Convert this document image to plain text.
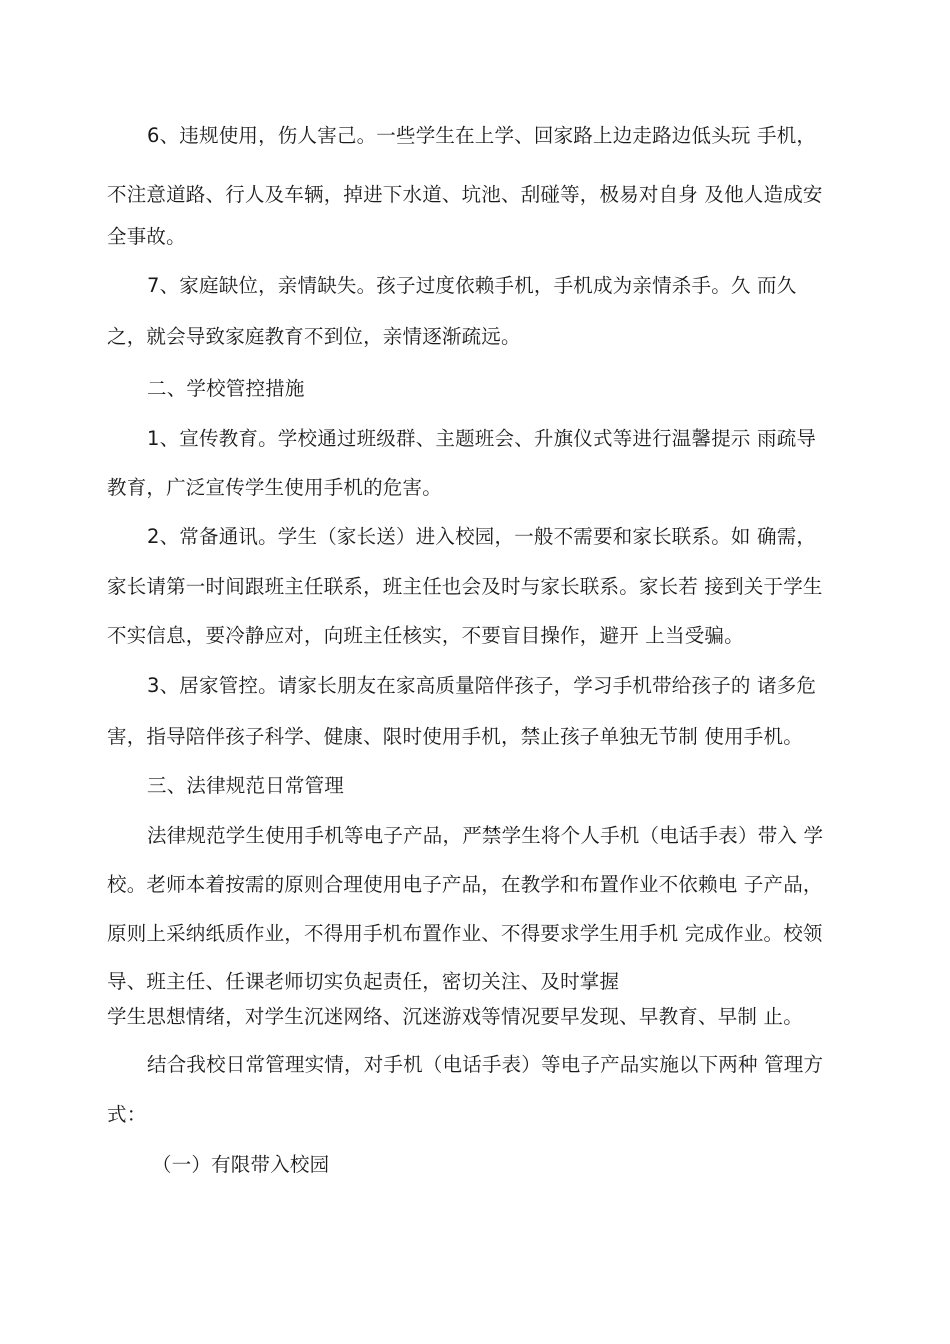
6、违规使用，伤人害己。一些学生在上学、回家路上边走路边低头玩 手机，
不注意道路、行人及车辆，掉进下水道、坑池、刮碰等，极易对自身 及他人造成安
全事故。
7、家庭缺位，亲情缺失。孩子过度依赖手机，手机成为亲情杀手。久 而久
之，就会导致家庭教育不到位，亲情逐渐疏远。
二、学校管控措施
1、宣传教育。学校通过班级群、主题班会、升旗仪式等进行温馨提示 雨疏导
教育，广泛宣传学生使用手机的危害。
2、常备通讯。学生（家长送）进入校园，一般不需要和家长联系。如 确需，
家长请第一时间跟班主任联系，班主任也会及时与家长联系。家长若 接到关于学生
不实信息，要冷静应对，向班主任核实，不要盲目操作，避开 上当受骗。
3、居家管控。请家长朋友在家高质量陪伴孩子，学习手机带给孩子的 诸多危
害，指导陪伴孩子科学、健康、限时使用手机，禁止孩子单独无节制 使用手机。
三、法律规范日常管理
法律规范学生使用手机等电子产品，严禁学生将个人手机（电话手表）带入 学
校。老师本着按需的原则合理使用电子产品，在教学和布置作业不依赖电 子产品，
原则上采纳纸质作业，不得用手机布置作业、不得要求学生用手机 完成作业。校领
导、班主任、任课老师切实负起责任，密切关注、及时掌握
学生思想情绪，对学生沉迷网络、沉迷游戏等情况要早发现、早教育、早制 止。
结合我校日常管理实情，对手机（电话手表）等电子产品实施以下两种 管理方
式：
（一）有限带入校园
